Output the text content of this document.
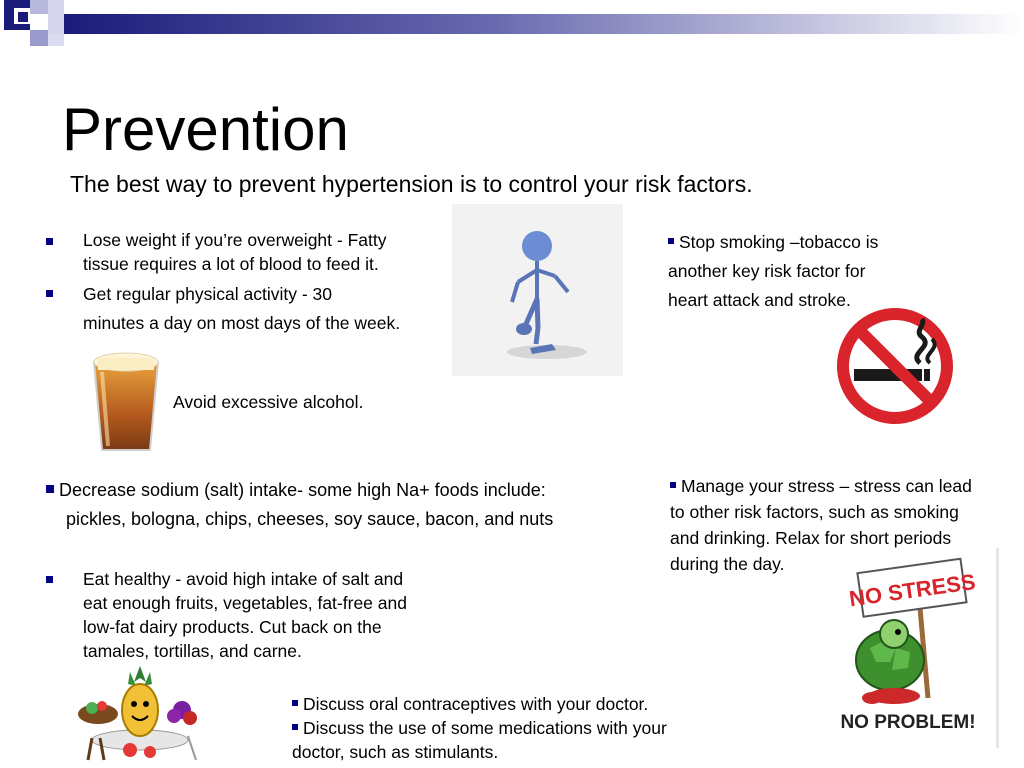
Prevention
The best way to prevent hypertension is to control your risk factors.
Lose weight if you’re overweight - Fatty
tissue requires a lot of blood to feed it.
Get regular physical activity - 30
minutes a day on most days of the week.
Avoid excessive alcohol.
Stop smoking –tobacco is
another key risk factor for
heart attack and stroke.
Decrease sodium (salt) intake- some high Na+ foods include:
pickles, bologna, chips, cheeses, soy sauce, bacon, and nuts
Manage your stress – stress can lead
to other risk factors, such as smoking
and drinking. Relax for short periods
during the day.
NO STRESS
NO PROBLEM!
Eat healthy - avoid high intake of salt and
eat enough fruits, vegetables, fat-free and
low-fat dairy products. Cut back on the
tamales, tortillas, and carne.
Discuss oral contraceptives with your doctor.
Discuss the use of some medications with your
doctor, such as stimulants.
